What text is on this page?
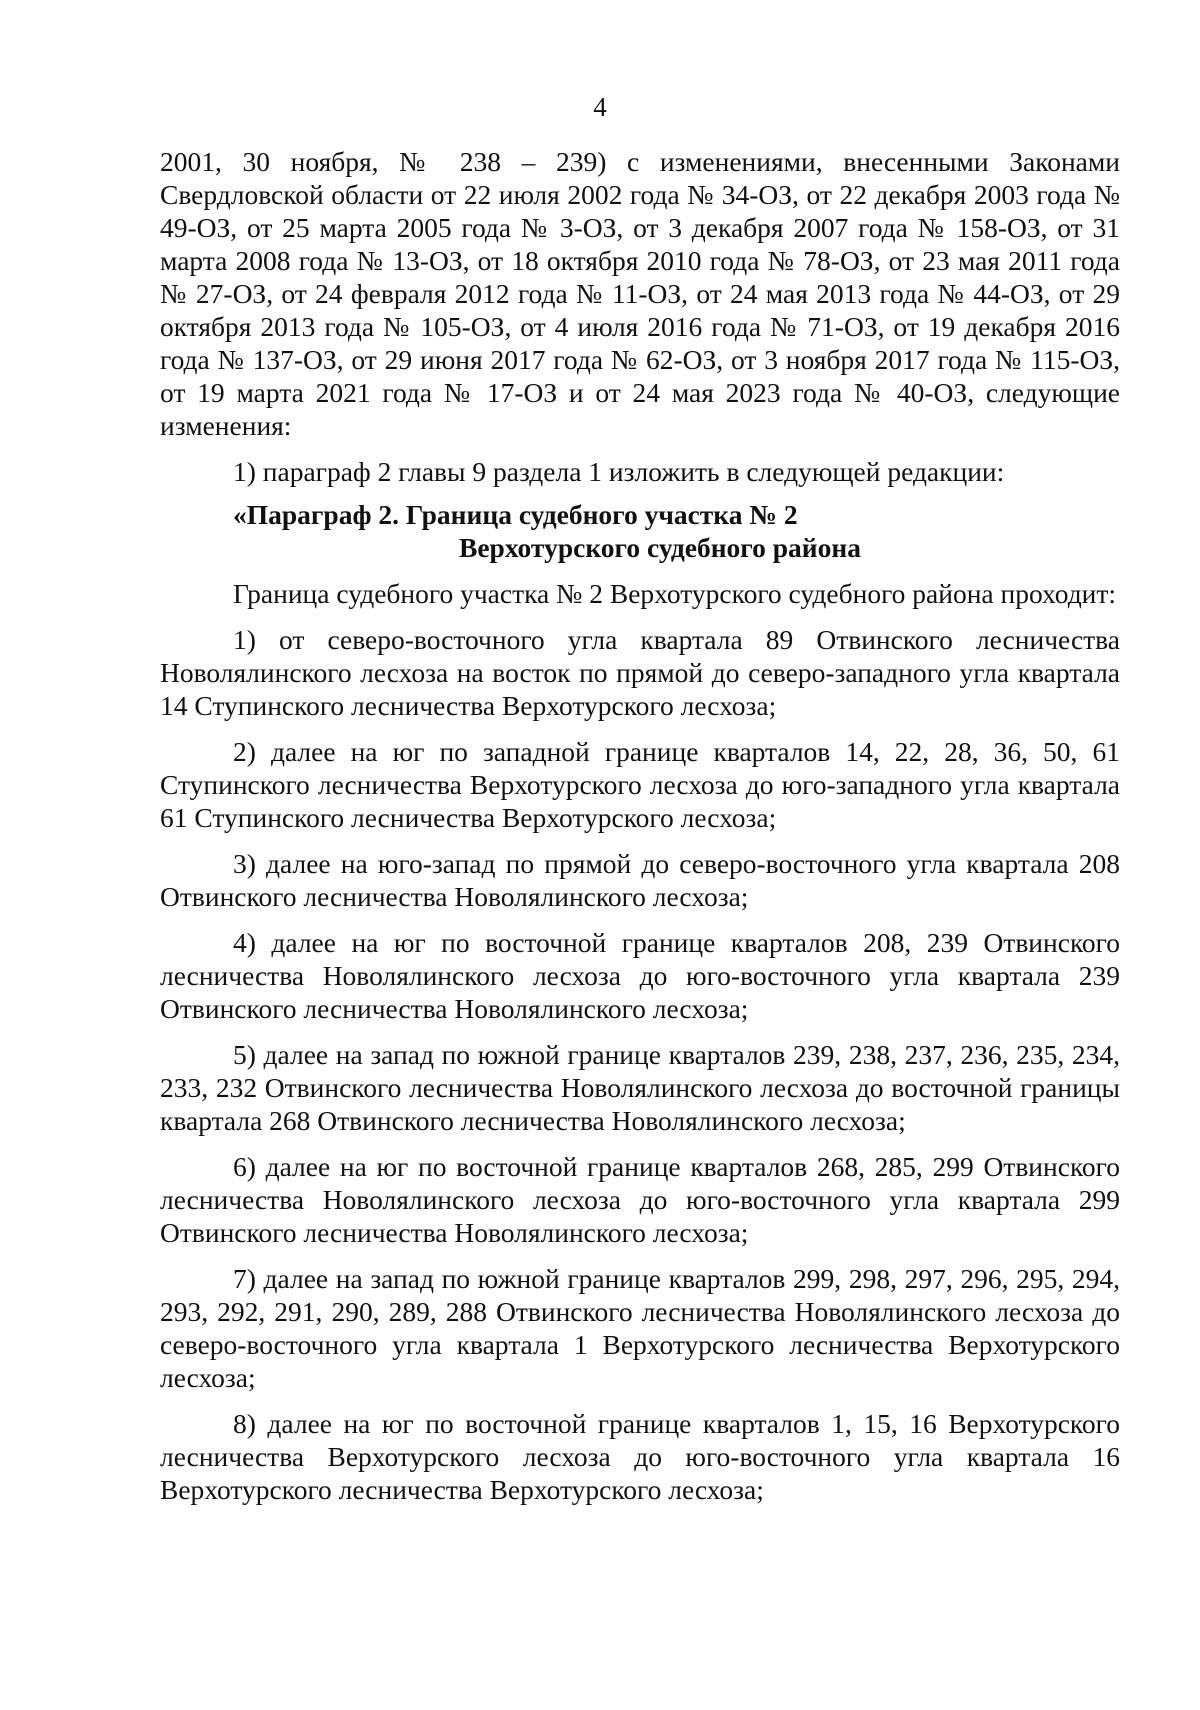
4

2001, 30 ноября, № 238 – 239) с изменениями, внесенными Законами Свердловской области от 22 июля 2002 года № 34-ОЗ, от 22 декабря 2003 года № 49-ОЗ, от 25 марта 2005 года № 3-ОЗ, от 3 декабря 2007 года № 158-ОЗ, от 31 марта 2008 года № 13-ОЗ, от 18 октября 2010 года № 78-ОЗ, от 23 мая 2011 года № 27-ОЗ, от 24 февраля 2012 года № 11-ОЗ, от 24 мая 2013 года № 44-ОЗ, от 29 октября 2013 года № 105-ОЗ, от 4 июля 2016 года № 71-ОЗ, от 19 декабря 2016 года № 137-ОЗ, от 29 июня 2017 года № 62-ОЗ, от 3 ноября 2017 года № 115-ОЗ, от 19 марта 2021 года № 17-ОЗ и от 24 мая 2023 года № 40-ОЗ, следующие изменения:

1) параграф 2 главы 9 раздела 1 изложить в следующей редакции:

«Параграф 2. Граница судебного участка № 2
Верхотурского судебного района

Граница судебного участка № 2 Верхотурского судебного района проходит:

1) от северо-восточного угла квартала 89 Отвинского лесничества Новолялинского лесхоза на восток по прямой до северо-западного угла квартала 14 Ступинского лесничества Верхотурского лесхоза;

2) далее на юг по западной границе кварталов 14, 22, 28, 36, 50, 61 Ступинского лесничества Верхотурского лесхоза до юго-западного угла квартала 61 Ступинского лесничества Верхотурского лесхоза;

3) далее на юго-запад по прямой до северо-восточного угла квартала 208 Отвинского лесничества Новолялинского лесхоза;

4) далее на юг по восточной границе кварталов 208, 239 Отвинского лесничества Новолялинского лесхоза до юго-восточного угла квартала 239 Отвинского лесничества Новолялинского лесхоза;

5) далее на запад по южной границе кварталов 239, 238, 237, 236, 235, 234, 233, 232 Отвинского лесничества Новолялинского лесхоза до восточной границы квартала 268 Отвинского лесничества Новолялинского лесхоза;

6) далее на юг по восточной границе кварталов 268, 285, 299 Отвинского лесничества Новолялинского лесхоза до юго-восточного угла квартала 299 Отвинского лесничества Новолялинского лесхоза;

7) далее на запад по южной границе кварталов 299, 298, 297, 296, 295, 294, 293, 292, 291, 290, 289, 288 Отвинского лесничества Новолялинского лесхоза до северо-восточного угла квартала 1 Верхотурского лесничества Верхотурского лесхоза;

8) далее на юг по восточной границе кварталов 1, 15, 16 Верхотурского лесничества Верхотурского лесхоза до юго-восточного угла квартала 16 Верхотурского лесничества Верхотурского лесхоза;
